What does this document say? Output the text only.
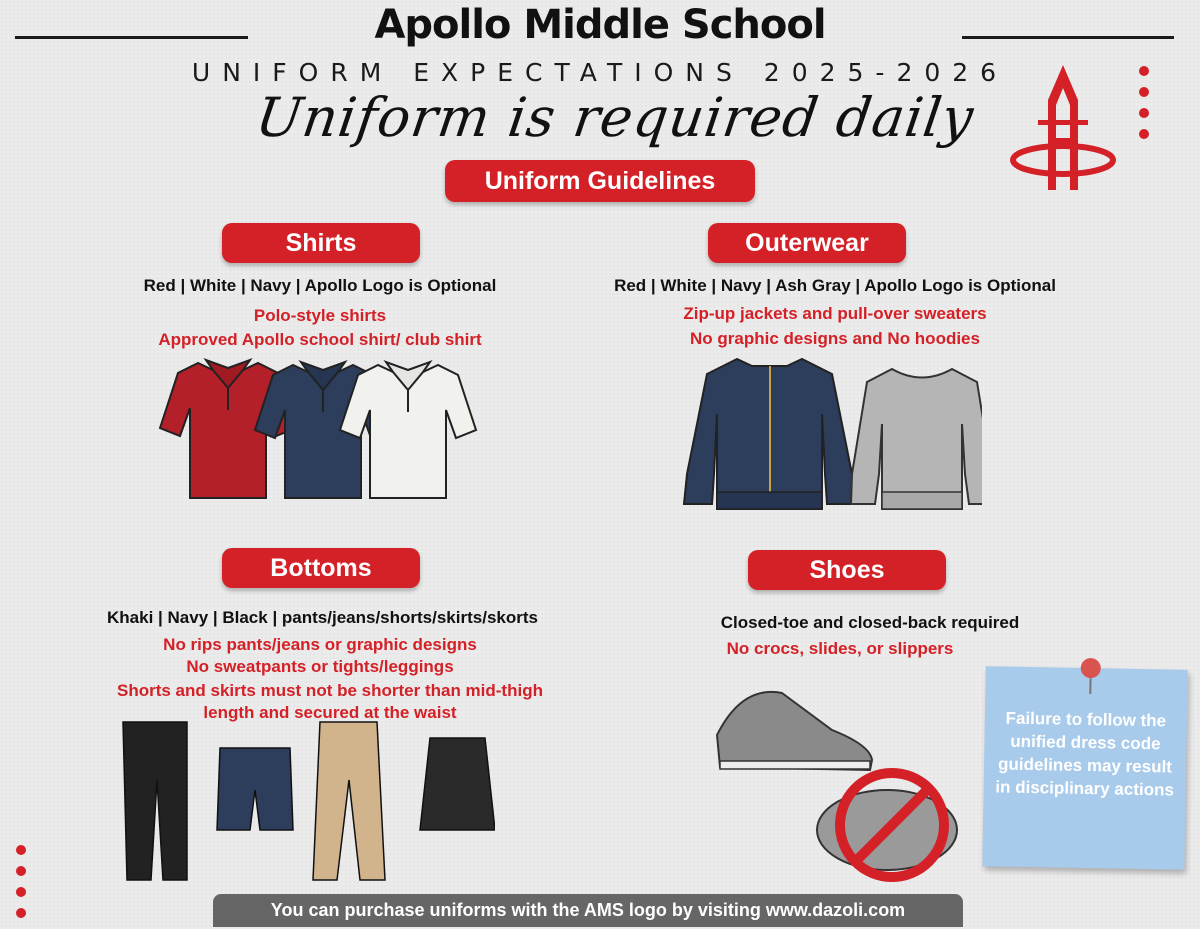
Apollo Middle School
UNIFORM EXPECTATIONS 2025-2026
Uniform is required daily
Uniform Guidelines
Shirts
Red | White | Navy | Apollo Logo is Optional
Polo-style shirts
Approved Apollo school shirt/ club shirt
Outerwear
Red | White | Navy | Ash Gray | Apollo Logo is Optional
Zip-up jackets and pull-over sweaters
No graphic designs and No hoodies
Bottoms
Khaki | Navy | Black | pants/jeans/shorts/skirts/skorts
No rips pants/jeans or graphic designs
No sweatpants or tights/leggings
Shorts and skirts must not be shorter than mid-thigh length and secured at the waist
Shoes
Closed-toe and closed-back required
No crocs, slides, or slippers
Failure to follow the unified dress code guidelines may result in disciplinary actions
You can purchase uniforms with the AMS logo by visiting www.dazoli.com
